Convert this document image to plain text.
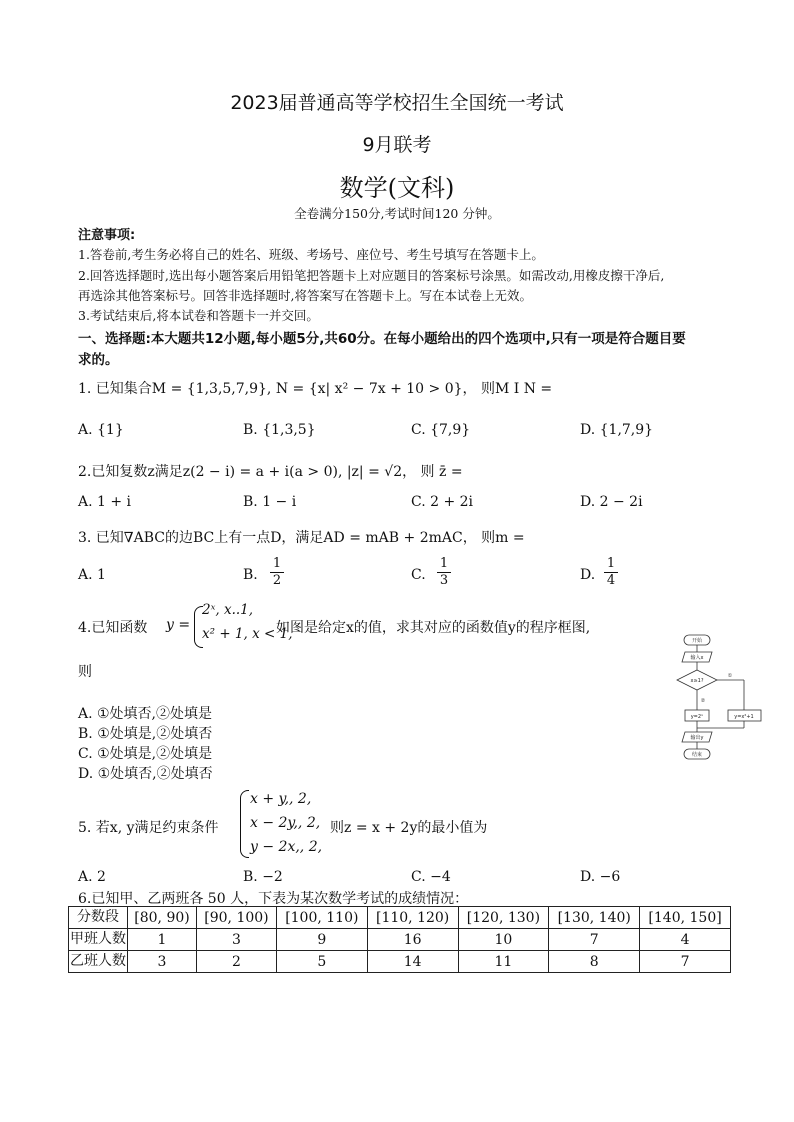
2023届普通高等学校招生全国统一考试
9月联考
数学(文科)
全卷满分150分,考试时间120 分钟。
注意事项:
1.答卷前,考生务必将自己的姓名、班级、考场号、座位号、考生号填写在答题卡上。
2.回答选择题时,选出每小题答案后用铅笔把答题卡上对应题目的答案标号涂黑。如需改动,用橡皮擦干净后,
再选涂其他答案标号。回答非选择题时,将答案写在答题卡上。写在本试卷上无效。
3.考试结束后,将本试卷和答题卡一并交回。
一、选择题:本大题共12小题,每小题5分,共60分。在每小题给出的四个选项中,只有一项是符合题目要
求的。
1. 已知集合M = {1,3,5,7,9}, N = {x| x² − 7x + 10 > 0}， 则M I N =
A. {1}	B. {1,3,5}	C. {7,9}	D. {1,7,9}
2.已知复数z满足z(2 − i) = a + i(a > 0), |z| = √2， 则 z̄ =
A. 1 + i	B. 1 − i	C. 2 + 2i	D. 2 − 2i
3. 已知∇ABC的边BC上有一点D，满足AD = mAB + 2mAC， 则m =
A. 1	B. $\frac{1}{2}$	C. $\frac{1}{3}$	D. $\frac{1}{4}$
4.已知函数 y =
2ˣ, x..1,
x² + 1, x < 1,
如图是给定x的值，求其对应的函数值y的程序框图,
则
A. ①处填否,②处填是
B. ①处填是,②处填否
C. ①处填是,②处填是
D. ①处填否,②处填否
开始
输入x
x≥1?
①
②
y=2ˣ	y=x²+1
输出y
结束
5. 若x, y满足约束条件
x + y,, 2,
x − 2y,, 2,
y − 2x,, 2,
则z = x + 2y的最小值为
A. 2	B. −2	C. −4	D. −6
6.已知甲、乙两班各 50 人，下表为某次数学考试的成绩情况：
分数段	[80, 90)	[90, 100)	[100, 110)	[110, 120)	[120, 130)	[130, 140)	[140, 150]
甲班人数	1	3	9	16	10	7	4
乙班人数	3	2	5	14	11	8	7
